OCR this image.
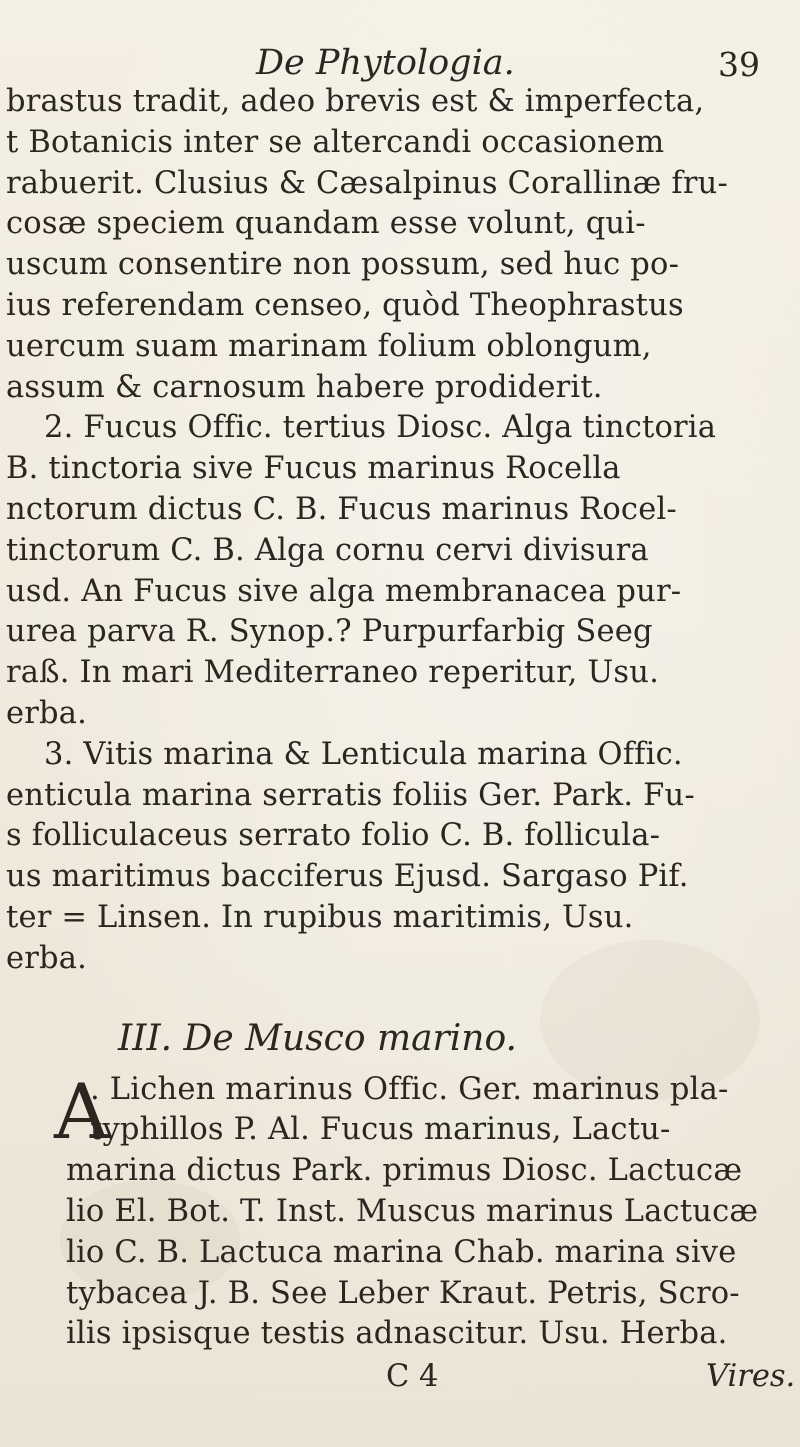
De Phytologia.	39
brastus tradit, adeo brevis est & imperfecta,
t Botanicis inter se altercandi occasionem
rabuerit. Clusius & Cæsalpinus Corallinæ fru-
cosæ speciem quandam esse volunt, qui-
uscum consentire non possum, sed huc po-
ius referendam censeo, quòd Theophrastus
uercum suam marinam folium oblongum,
assum & carnosum habere prodiderit.
2. Fucus Offic. tertius Diosc. Alga tinctoria
B. tinctoria sive Fucus marinus Rocella
nctorum dictus C. B. Fucus marinus Rocel-
tinctorum C. B. Alga cornu cervi divisura
usd. An Fucus sive alga membranacea pur-
urea parva R. Synop.? Purpurfarbig Seeg
raß. In mari Mediterraneo reperitur, Usu.
erba.
3. Vitis marina & Lenticula marina Offic.
enticula marina serratis foliis Ger. Park. Fu-
s folliculaceus serrato folio C. B. follicula-
us maritimus bacciferus Ejusd. Sargaso Pif.
ter = Linsen. In rupibus maritimis, Usu.
erba.
III. De Musco marino.
A
. Lichen marinus Offic. Ger. marinus pla-
typhillos P. Al. Fucus marinus, Lactu-
marina dictus Park. primus Diosc. Lactucæ
lio El. Bot. T. Inst. Muscus marinus Lactucæ
lio C. B. Lactuca marina Chab. marina sive
tybacea J. B. See Leber Kraut. Petris, Scro-
ilis ipsisque testis adnascitur. Usu. Herba.
C 4	Vires.
